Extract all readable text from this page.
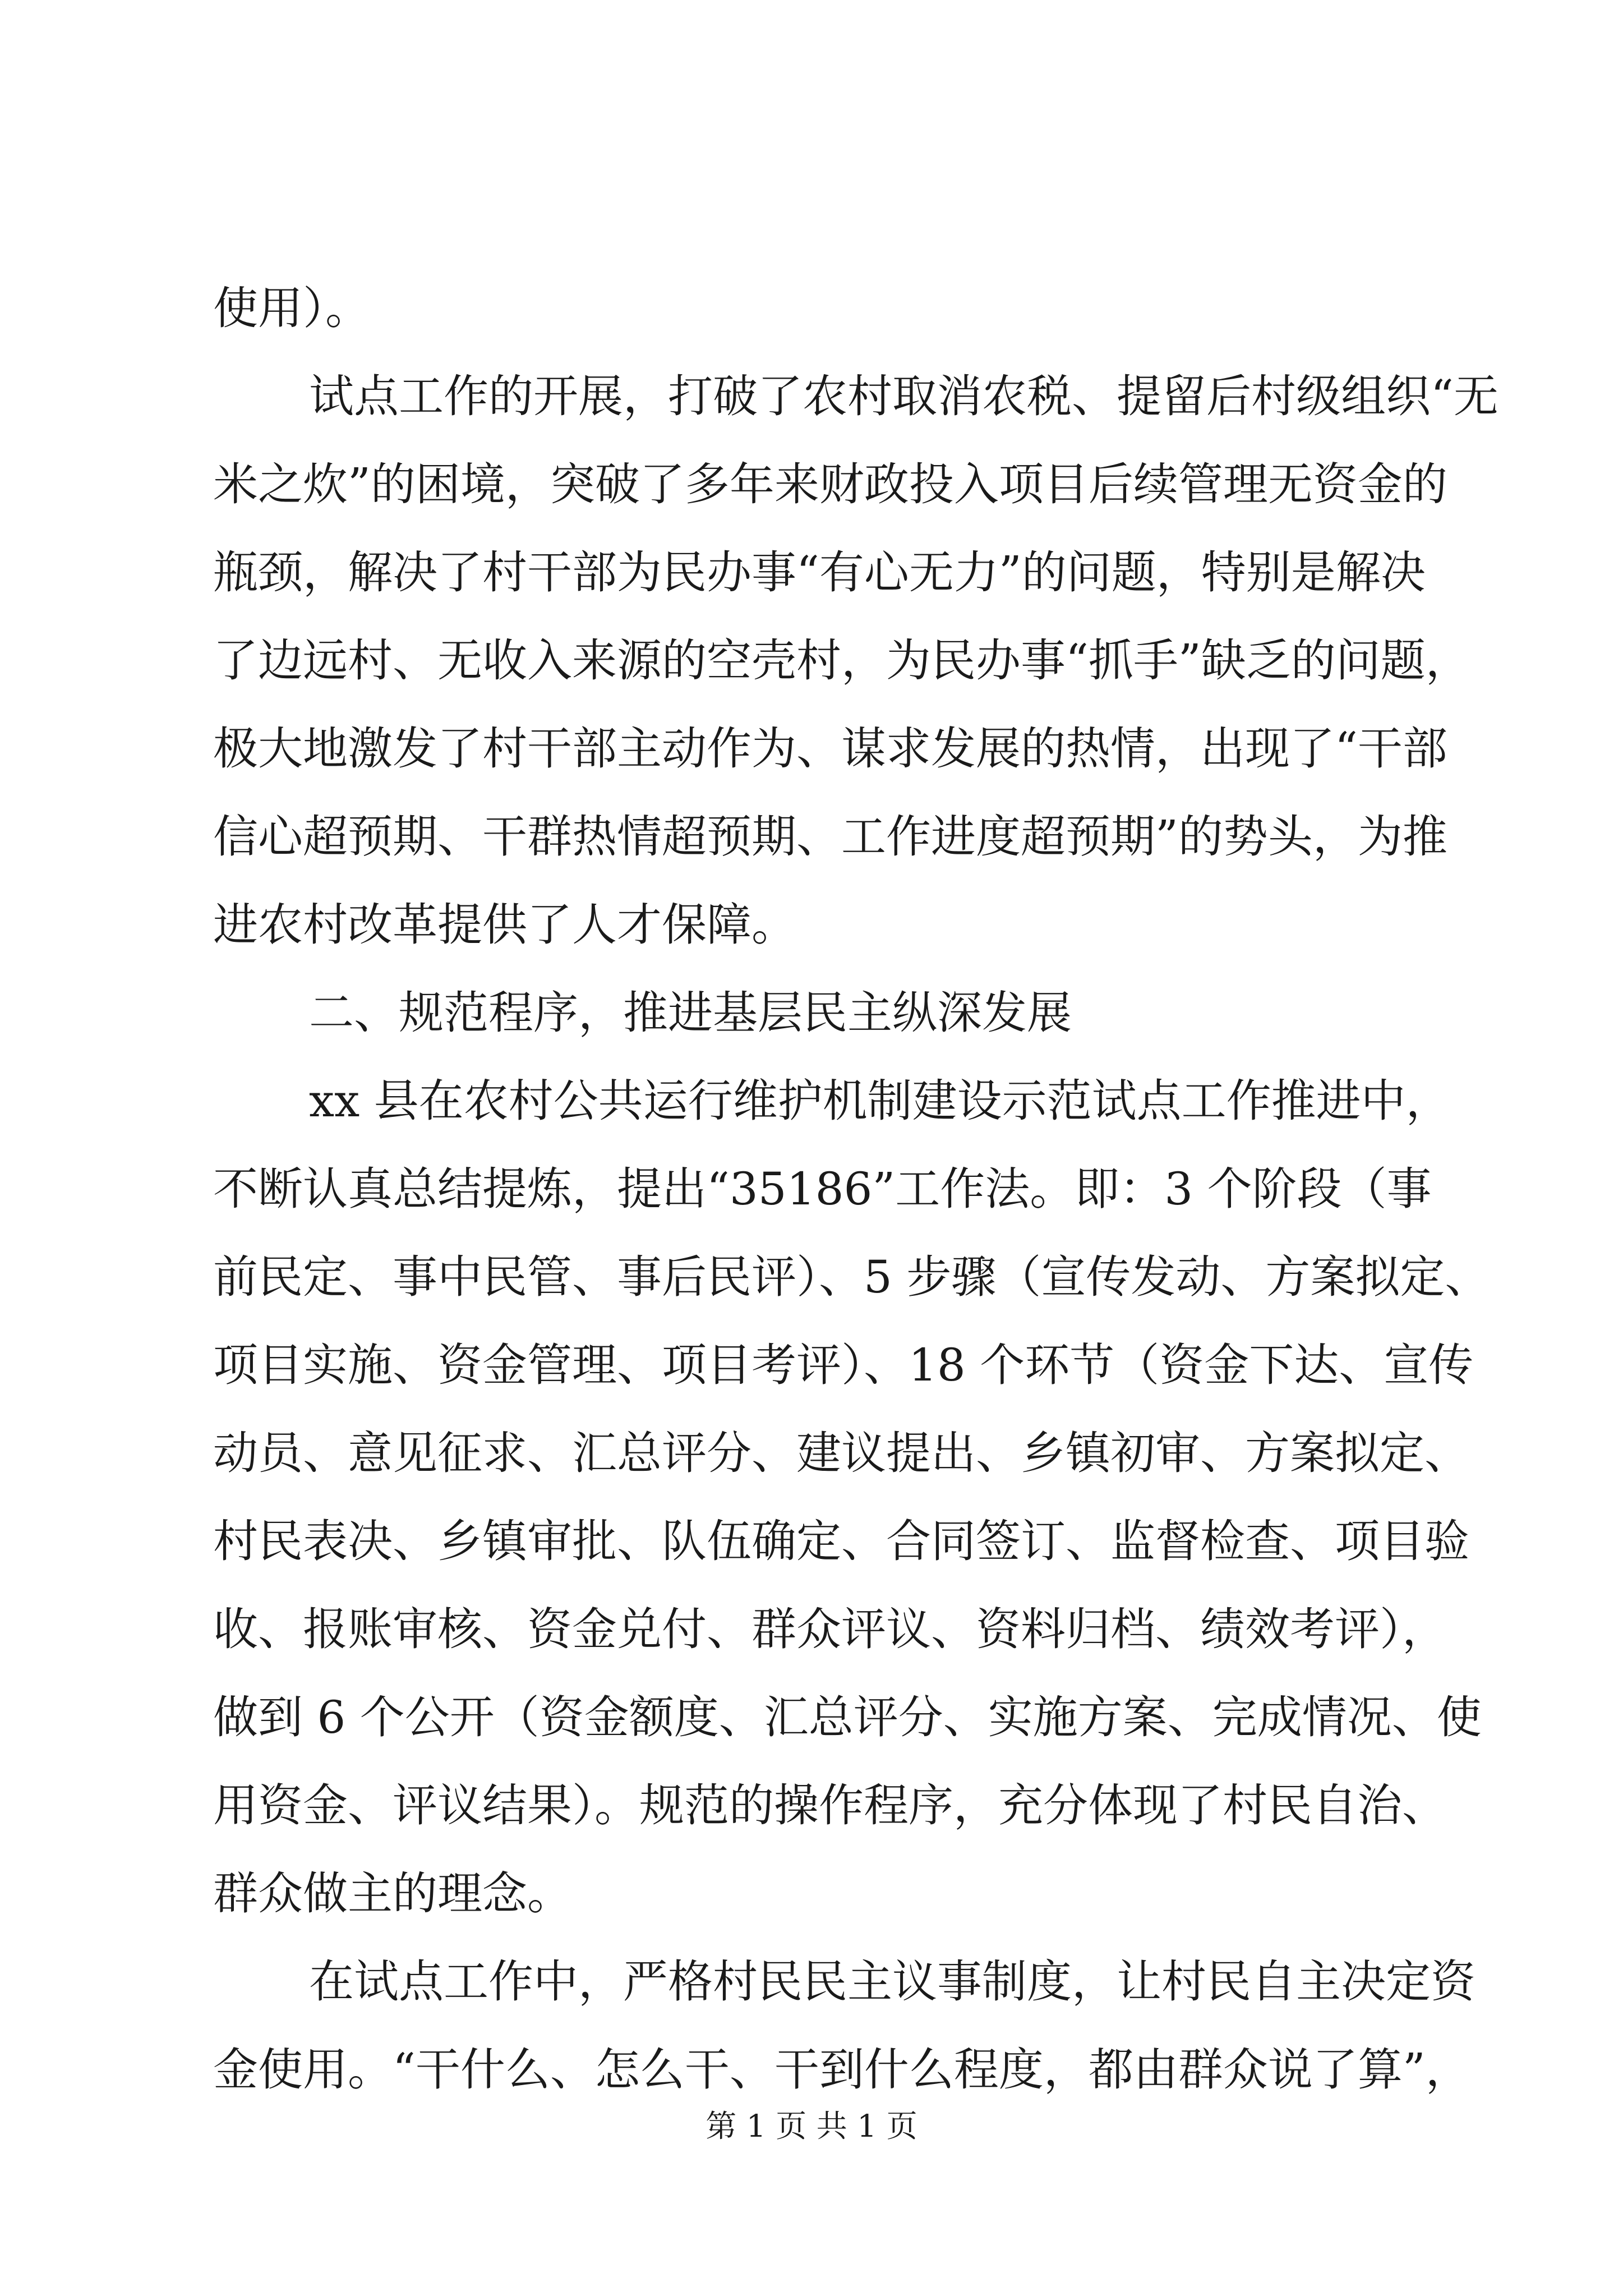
使用）。
试点工作的开展，打破了农村取消农税、提留后村级组织“无
米之炊”的困境，突破了多年来财政投入项目后续管理无资金的
瓶颈，解决了村干部为民办事“有心无力”的问题，特别是解决
了边远村、无收入来源的空壳村，为民办事“抓手”缺乏的问题，
极大地激发了村干部主动作为、谋求发展的热情，出现了“干部
信心超预期、干群热情超预期、工作进度超预期”的势头，为推
进农村改革提供了人才保障。
二、规范程序，推进基层民主纵深发展
xx 县在农村公共运行维护机制建设示范试点工作推进中，
不断认真总结提炼，提出“35186”工作法。即：3 个阶段（事
前民定、事中民管、事后民评）、5 步骤（宣传发动、方案拟定、
项目实施、资金管理、项目考评）、18 个环节（资金下达、宣传
动员、意见征求、汇总评分、建议提出、乡镇初审、方案拟定、
村民表决、乡镇审批、队伍确定、合同签订、监督检查、项目验
收、报账审核、资金兑付、群众评议、资料归档、绩效考评），
做到 6 个公开（资金额度、汇总评分、实施方案、完成情况、使
用资金、评议结果）。规范的操作程序，充分体现了村民自治、
群众做主的理念。
在试点工作中，严格村民民主议事制度，让村民自主决定资
金使用。“干什么、怎么干、干到什么程度，都由群众说了算”，
第 1 页 共 1 页
